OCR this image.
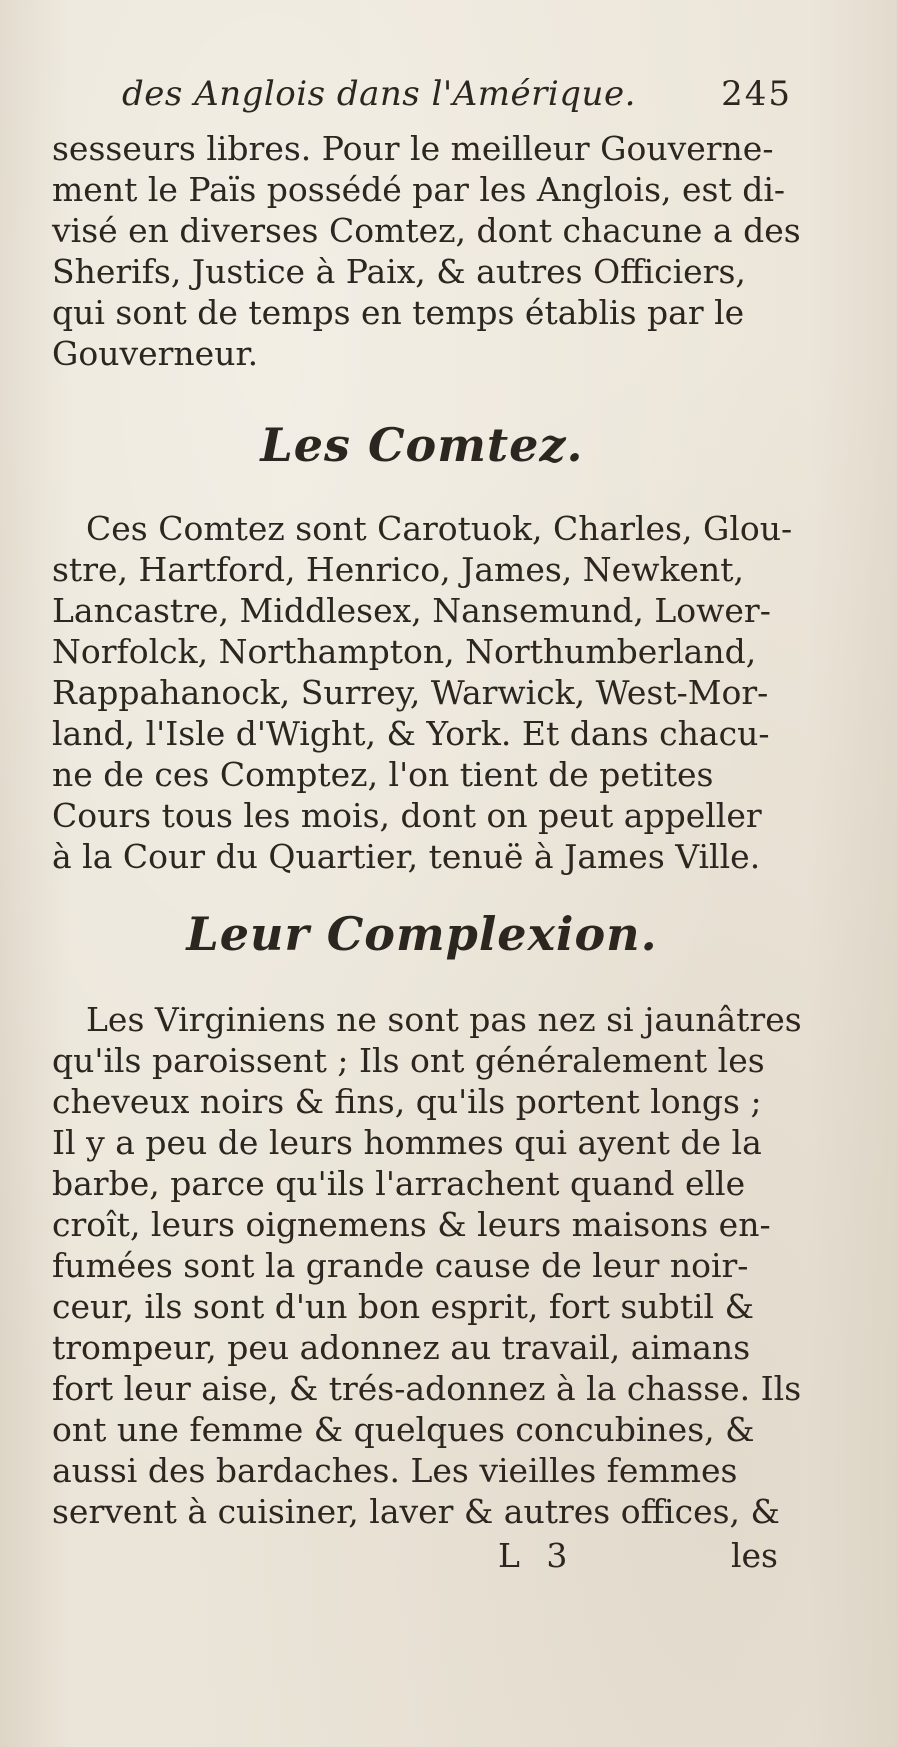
des Anglois dans l'Amérique.	245

sesseurs libres. Pour le meilleur Gouverne-
ment le Païs possédé par les Anglois, est di-
visé en diverses Comtez, dont chacune a des
Sherifs, Justice à Paix, & autres Officiers,
qui sont de temps en temps établis par le
Gouverneur.

Les Comtez.

Ces Comtez sont Carotuok, Charles, Glou-
stre, Hartford, Henrico, James, Newkent,
Lancastre, Middlesex, Nansemund, Lower-
Norfolck, Northampton, Northumberland,
Rappahanock, Surrey, Warwick, West-Mor-
land, l'Isle d'Wight, & York. Et dans chacu-
ne de ces Comptez, l'on tient de petites
Cours tous les mois, dont on peut appeller
à la Cour du Quartier, tenuë à James Ville.

Leur Complexion.

Les Virginiens ne sont pas nez si jaunâtres
qu'ils paroissent ; Ils ont généralement les
cheveux noirs & fins, qu'ils portent longs ;
Il y a peu de leurs hommes qui ayent de la
barbe, parce qu'ils l'arrachent quand elle
croît, leurs oignemens & leurs maisons en-
fumées sont la grande cause de leur noir-
ceur, ils sont d'un bon esprit, fort subtil &
trompeur, peu adonnez au travail, aimans
fort leur aise, & trés-adonnez à la chasse. Ils
ont une femme & quelques concubines, &
aussi des bardaches. Les vieilles femmes
servent à cuisiner, laver & autres offices, &

L 3	les
